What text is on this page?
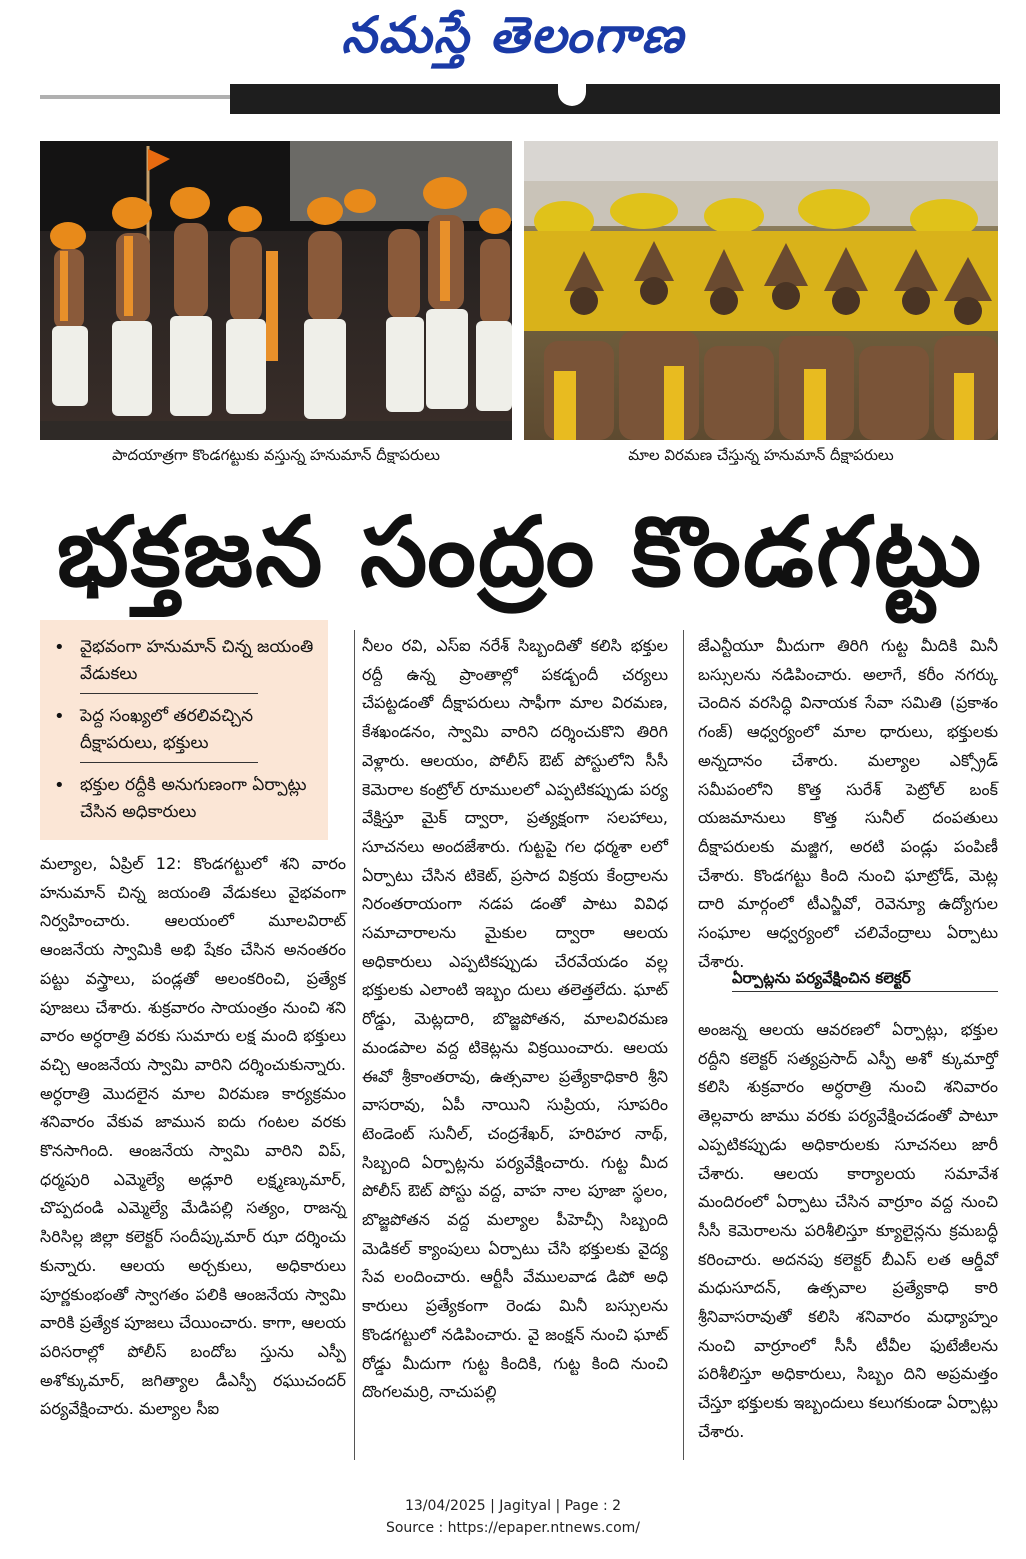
నమస్తే తెలంగాణ
పాదయాత్రగా కొండగట్టుకు వస్తున్న హనుమాన్ దీక్షాపరులు	మాల విరమణ చేస్తున్న హనుమాన్ దీక్షాపరులు
భక్తజన సంద్రం కొండగట్టు
• వైభవంగా హనుమాన్ చిన్న జయంతి వేడుకలు
• పెద్ద సంఖ్యలో తరలివచ్చిన దీక్షాపరులు, భక్తులు
• భక్తుల రద్దీకి అనుగుణంగా ఏర్పాట్లు చేసిన అధికారులు
మల్యాల, ఏప్రిల్ 12: కొండగట్టులో శని వారం హనుమాన్ చిన్న జయంతి వేడుకలు వైభవంగా నిర్వహించారు. ఆలయంలో మూలవిరాట్ ఆంజనేయ స్వామికి అభి షేకం చేసిన అనంతరం పట్టు వస్త్రాలు, పండ్లతో అలంకరించి, ప్రత్యేక పూజలు చేశారు. శుక్రవారం సాయంత్రం నుంచి శని వారం అర్ధరాత్రి వరకు సుమారు లక్ష మంది భక్తులు వచ్చి ఆంజనేయ స్వామి వారిని దర్శించుకున్నారు. అర్ధరాత్రి మొదలైన మాల విరమణ కార్యక్రమం శనివారం వేకువ జామున ఐదు గంటల వరకు కొనసాగింది. ఆంజనేయ స్వామి వారిని విప్, ధర్మపురి ఎమ్మెల్యే అడ్లూరి లక్ష్మణ్కుమార్, చొప్పదండి ఎమ్మెల్యే మేడిపల్లి సత్యం, రాజన్న సిరిసిల్ల జిల్లా కలెక్టర్ సందీప్కుమార్ ఝా దర్శించు కున్నారు. ఆలయ అర్చకులు, అధికారులు పూర్ణకుంభంతో స్వాగతం పలికి ఆంజనేయ స్వామి వారికి ప్రత్యేక పూజలు చేయించారు. కాగా, ఆలయ పరిసరాల్లో పోలీస్ బందోబ స్తును ఎస్పీ అశోక్కుమార్, జగిత్యాల డీఎస్పీ రఘుచందర్ పర్యవేక్షించారు. మల్యాల సీఐ
నీలం రవి, ఎస్ఐ నరేశ్ సిబ్బందితో కలిసి భక్తుల రద్దీ ఉన్న ప్రాంతాల్లో పకడ్బందీ చర్యలు చేపట్టడంతో దీక్షాపరులు సాఫీగా మాల విరమణ, కేశఖండనం, స్వామి వారిని దర్శించుకొని తిరిగి వెళ్లారు. ఆలయం, పోలీస్ ఔట్ పోస్టులోని సీసీ కెమెరాల కంట్రోల్ రూములలో ఎప్పటికప్పుడు పర్య వేక్షిస్తూ మైక్ ద్వారా, ప్రత్యక్షంగా సలహాలు, సూచనలు అందజేశారు. గుట్టపై గల ధర్మశా లలో ఏర్పాటు చేసిన టికెట్, ప్రసాద విక్రయ కేంద్రాలను నిరంతరాయంగా నడప డంతో పాటు వివిధ సమాచారాలను మైకుల ద్వారా ఆలయ అధికారులు ఎప్పటికప్పుడు చేరవేయడం వల్ల భక్తులకు ఎలాంటి ఇబ్బం దులు తలెత్తలేదు. ఘాట్ రోడ్డు, మెట్లదారి, బొజ్జపోతన, మాలవిరమణ మండపాల వద్ద టికెట్లను విక్రయించారు. ఆలయ ఈవో శ్రీకాంతరావు, ఉత్సవాల ప్రత్యేకాధికారి శ్రీని వాసరావు, ఏపీ నాయిని సుప్రియ, సూపరిం టెండెంట్ సునీల్, చంద్రశేఖర్, హరిహర నాథ్, సిబ్బంది ఏర్పాట్లను పర్యవేక్షించారు. గుట్ట మీద పోలీస్ ఔట్ పోస్టు వద్ద, వాహ నాల పూజా స్థలం, బొజ్జపోతన వద్ద మల్యాల పీహెచ్సీ సిబ్బంది మెడికల్ క్యాంపులు ఏర్పాటు చేసి భక్తులకు వైద్య సేవ లందించారు. ఆర్టీసీ వేములవాడ డిపో అధి కారులు ప్రత్యేకంగా రెండు మినీ బస్సులను కొండగట్టులో నడిపించారు. వై జంక్షన్ నుంచి ఘాట్ రోడ్డు మీదుగా గుట్ట కిందికి, గుట్ట కింది నుంచి దొంగలమర్రి, నాచుపల్లి
జేఎన్టీయూ మీదుగా తిరిగి గుట్ట మీదికి మినీ బస్సులను నడిపించారు. అలాగే, కరీం నగర్కు చెందిన వరసిద్ధి వినాయక సేవా సమితి (ప్రకాశం గంజ్) ఆధ్వర్యంలో మాల ధారులు, భక్తులకు అన్నదానం చేశారు. మల్యాల ఎక్స్రోడ్ సమీపంలోని కొత్త సురేశ్ పెట్రోల్ బంక్ యజమానులు కొత్త సునీల్ దంపతులు దీక్షాపరులకు మజ్జిగ, అరటి పండ్లు పంపిణీ చేశారు. కొండగట్టు కింది నుంచి ఘాట్రోడ్, మెట్ల దారి మార్గంలో టీఎన్జీవో, రెవెన్యూ ఉద్యోగుల సంఘాల ఆధ్వర్యంలో చలివేంద్రాలు ఏర్పాటు చేశారు.
ఏర్పాట్లను పర్యవేక్షించిన కలెక్టర్
అంజన్న ఆలయ ఆవరణలో ఏర్పాట్లు, భక్తుల రద్దీని కలెక్టర్ సత్యప్రసాద్ ఎస్పీ అశో క్కుమార్తో కలిసి శుక్రవారం అర్ధరాత్రి నుంచి శనివారం తెల్లవారు జాము వరకు పర్యవేక్షించడంతో పాటూ ఎప్పటికప్పుడు అధికారులకు సూచనలు జారీ చేశారు. ఆలయ కార్యాలయ సమావేశ మందిరంలో ఏర్పాటు చేసిన వార్రూం వద్ద నుంచి సీసీ కెమెరాలను పరిశీలిస్తూ క్యూలైన్లను క్రమబద్ధీ కరించారు. అదనపు కలెక్టర్ బీఎస్ లత ఆర్డీవో మధుసూదన్, ఉత్సవాల ప్రత్యేకాధి కారి శ్రీనివాసరావుతో కలిసి శనివారం మధ్యాహ్నం నుంచి వార్రూంలో సీసీ టీవీల ఫుటేజీలను పరిశీలిస్తూ అధికారులు, సిబ్బం దిని అప్రమత్తం చేస్తూ భక్తులకు ఇబ్బందులు కలుగకుండా ఏర్పాట్లు చేశారు.
13/04/2025 | Jagityal | Page : 2
Source : https://epaper.ntnews.com/
